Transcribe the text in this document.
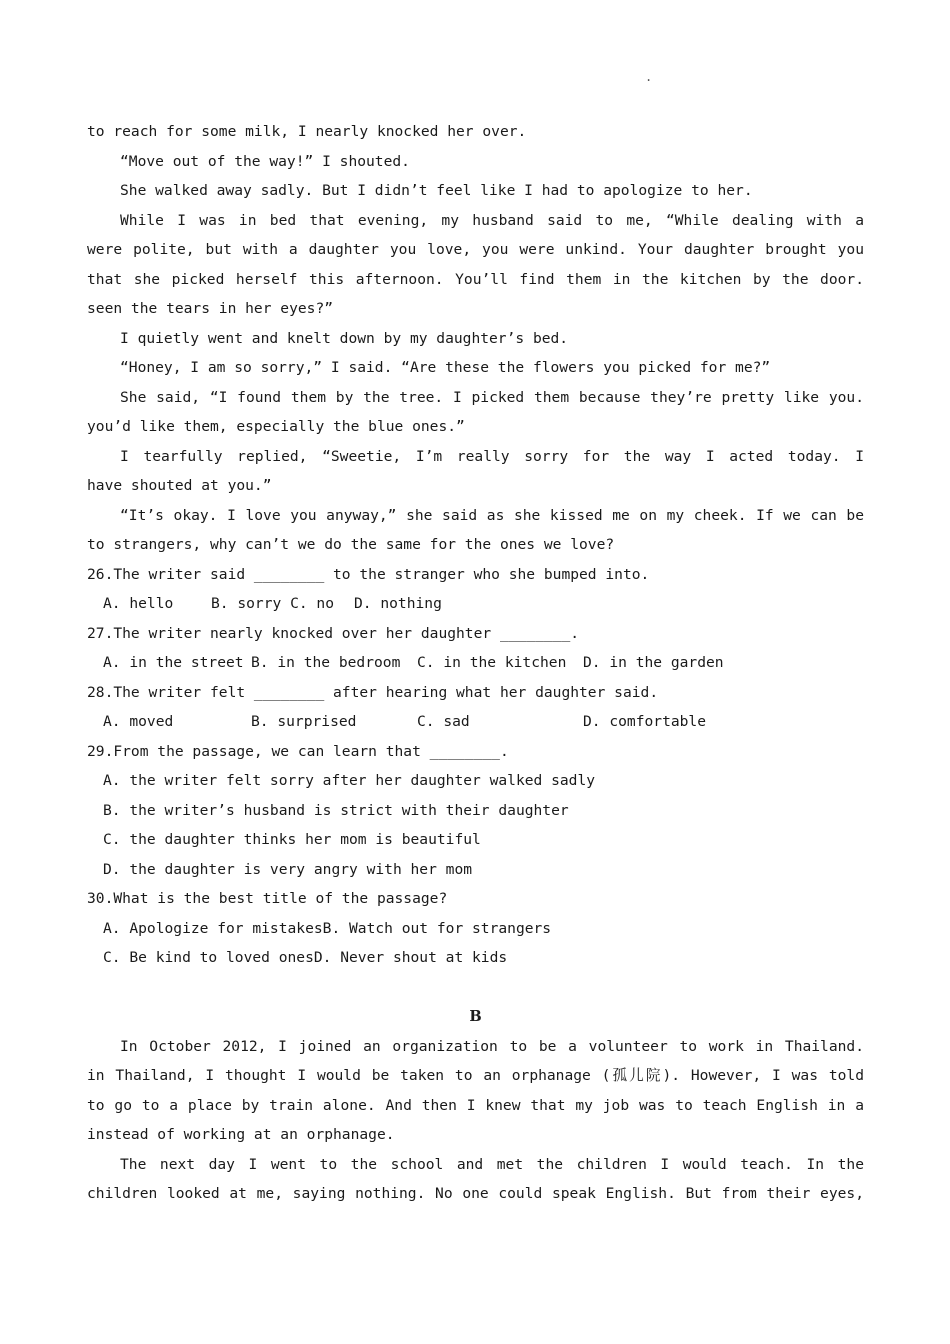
.
to reach for some milk, I nearly knocked her over.
“Move out of the way!” I shouted.
She walked away sadly. But I didn’t feel like I had to apologize to her.
While I was in bed that evening, my husband said to me, “While dealing with a
were polite, but with a daughter you love, you were unkind. Your daughter brought you
that she picked herself this afternoon. You’ll find them in the kitchen by the door.
seen the tears in her eyes?”
I quietly went and knelt down by my daughter’s bed.
“Honey, I am so sorry,” I said. “Are these the flowers you picked for me?”
She said, “I found them by the tree. I picked them because they’re pretty like you.
you’d like them, especially the blue ones.”
I tearfully replied, “Sweetie, I’m really sorry for the way I acted today. I
have shouted at you.”
“It’s okay. I love you anyway,” she said as she kissed me on my cheek. If we can be
to strangers, why can’t we do the same for the ones we love?
26.The writer said ________ to the stranger who she bumped into.
A. hello	B. sorry C. no D. nothing
27.The writer nearly knocked over her daughter ________.
A. in the street B. in the bedroom C. in the kitchen D. in the garden
28.The writer felt ________ after hearing what her daughter said.
A. moved	B. surprised	C. sad	D. comfortable
29.From the passage, we can learn that ________.
A. the writer felt sorry after her daughter walked sadly
B. the writer’s husband is strict with their daughter
C. the daughter thinks her mom is beautiful
D. the daughter is very angry with her mom
30.What is the best title of the passage?
A. Apologize for mistakesB. Watch out for strangers
C. Be kind to loved onesD. Never shout at kids
B
In October 2012, I joined an organization to be a volunteer to work in Thailand.
in Thailand, I thought I would be taken to an orphanage (孤儿院). However, I was told
to go to a place by train alone. And then I knew that my job was to teach English in a
instead of working at an orphanage.
The next day I went to the school and met the children I would teach. In the
children looked at me, saying nothing. No one could speak English. But from their eyes,
